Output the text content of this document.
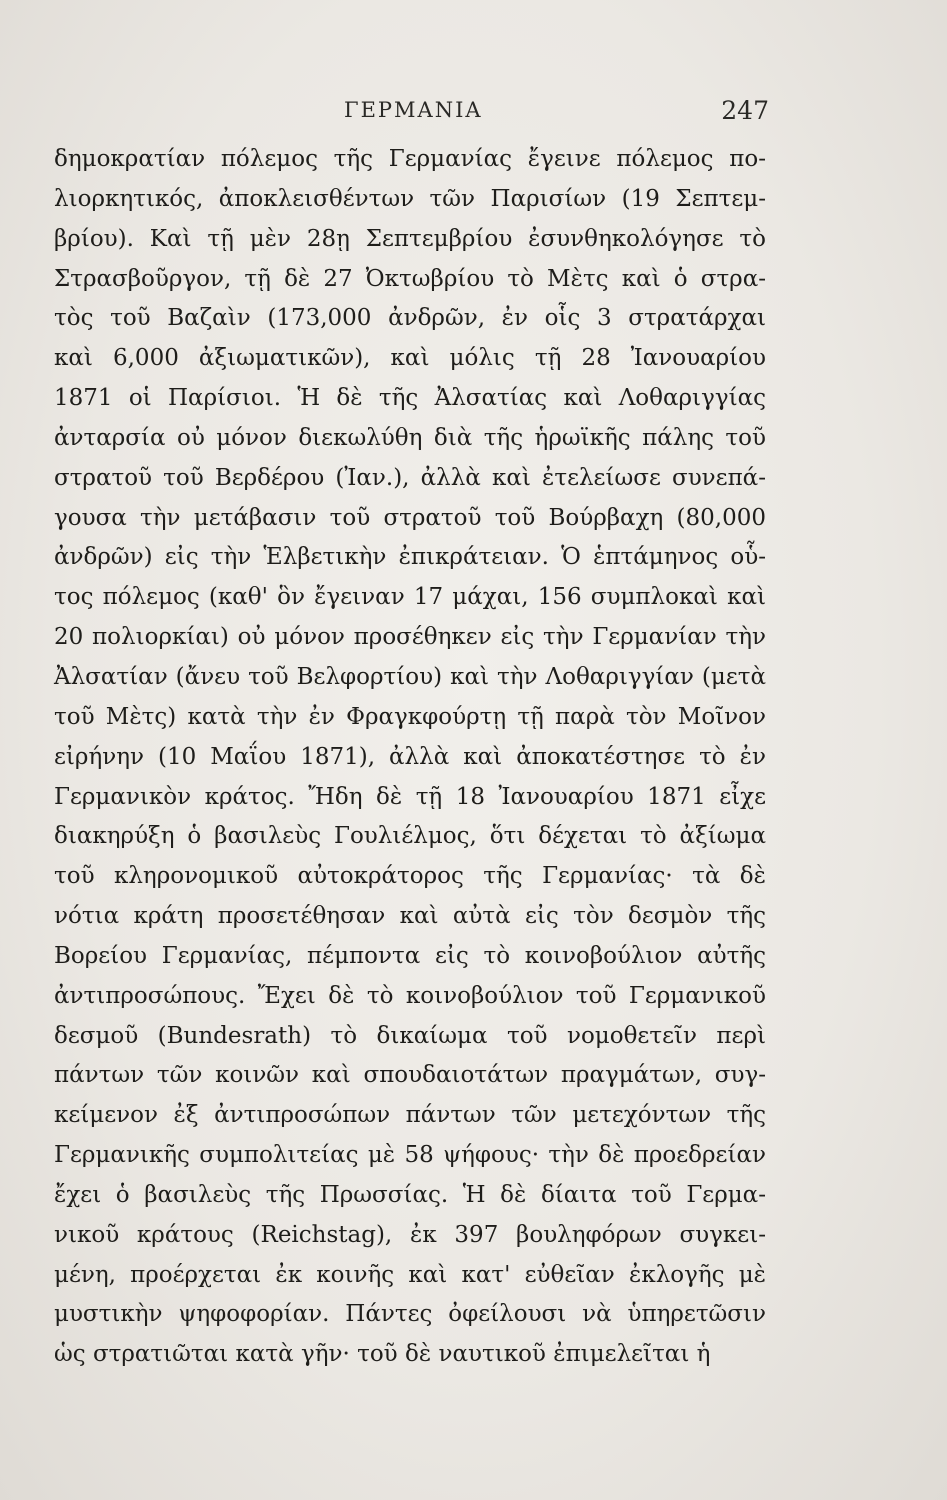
ΓΕΡΜΑΝΙΑ	247
δημοκρατίαν πόλεμος τῆς Γερμανίας ἔγεινε πόλεμος πο-
λιορκητικός, ἀποκλεισθέντων τῶν Παρισίων (19 Σεπτεμ-
βρίου). Καὶ τῇ μὲν 28ῃ Σεπτεμβρίου ἐσυνθηκολόγησε τὸ
Στρασβοῦργον, τῇ δὲ 27 Ὀκτωβρίου τὸ Μὲτς καὶ ὁ στρα-
τὸς τοῦ Βαζαὶν (173,000 ἀνδρῶν, ἐν οἷς 3 στρατάρχαι
καὶ 6,000 ἀξιωματικῶν), καὶ μόλις τῇ 28 Ἰανουαρίου
1871 οἱ Παρίσιοι. Ἡ δὲ τῆς Ἀλσατίας καὶ Λοθαριγγίας
ἀνταρσία οὐ μόνον διεκωλύθη διὰ τῆς ἡρωϊκῆς πάλης τοῦ
στρατοῦ τοῦ Βερδέρου (Ἰαν.), ἀλλὰ καὶ ἐτελείωσε συνεπά-
γουσα τὴν μετάβασιν τοῦ στρατοῦ τοῦ Βούρβαχη (80,000
ἀνδρῶν) εἰς τὴν Ἑλβετικὴν ἐπικράτειαν. Ὁ ἑπτάμηνος οὗ-
τος πόλεμος (καθ' ὃν ἔγειναν 17 μάχαι, 156 συμπλοκαὶ καὶ
20 πολιορκίαι) οὐ μόνον προσέθηκεν εἰς τὴν Γερμανίαν τὴν
Ἀλσατίαν (ἄνευ τοῦ Βελφορτίου) καὶ τὴν Λοθαριγγίαν (μετὰ
τοῦ Μὲτς) κατὰ τὴν ἐν Φραγκφούρτῃ τῇ παρὰ τὸν Μοῖνον
εἰρήνην (10 Μαΐου 1871), ἀλλὰ καὶ ἀποκατέστησε τὸ ἐν
Γερμανικὸν κράτος. Ἤδη δὲ τῇ 18 Ἰανουαρίου 1871 εἶχε
διακηρύξη ὁ βασιλεὺς Γουλιέλμος, ὅτι δέχεται τὸ ἀξίωμα
τοῦ κληρονομικοῦ αὐτοκράτορος τῆς Γερμανίας· τὰ δὲ
νότια κράτη προσετέθησαν καὶ αὐτὰ εἰς τὸν δεσμὸν τῆς
Βορείου Γερμανίας, πέμποντα εἰς τὸ κοινοβούλιον αὐτῆς
ἀντιπροσώπους. Ἔχει δὲ τὸ κοινοβούλιον τοῦ Γερμανικοῦ
δεσμοῦ (Bundesrath) τὸ δικαίωμα τοῦ νομοθετεῖν περὶ
πάντων τῶν κοινῶν καὶ σπουδαιοτάτων πραγμάτων, συγ-
κείμενον ἐξ ἀντιπροσώπων πάντων τῶν μετεχόντων τῆς
Γερμανικῆς συμπολιτείας μὲ 58 ψήφους· τὴν δὲ προεδρείαν
ἔχει ὁ βασιλεὺς τῆς Πρωσσίας. Ἡ δὲ δίαιτα τοῦ Γερμα-
νικοῦ κράτους (Reichstag), ἐκ 397 βουληφόρων συγκει-
μένη, προέρχεται ἐκ κοινῆς καὶ κατ' εὐθεῖαν ἐκλογῆς μὲ
μυστικὴν ψηφοφορίαν. Πάντες ὀφείλουσι νὰ ὑπηρετῶσιν
ὡς στρατιῶται κατὰ γῆν· τοῦ δὲ ναυτικοῦ ἐπιμελεῖται ἡ
